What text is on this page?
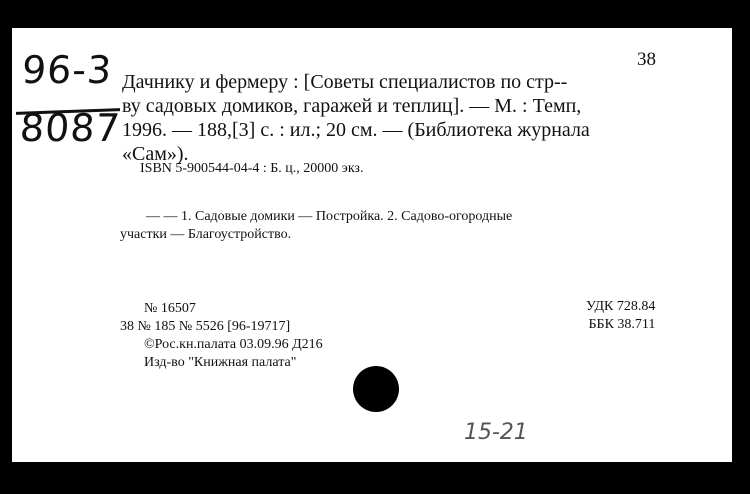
96-3
8087
38
Дачнику и фермеру : [Советы специалистов по стр--
ву садовых домиков, гаражей и теплиц]. — М. : Темп,
1996. — 188,[3] с. : ил.; 20 см. — (Библиотека журнала
«Сам»).
ISBN 5-900544-04-4 : Б. ц., 20000 экз.
— — 1. Садовые домики — Постройка. 2. Садово-огородные
участки — Благоустройство.
№ 16507
38 № 185 № 5526 [96-19717]
©Рос.кн.палата 03.09.96 Д216
Изд-во "Книжная палата"
УДК 728.84
ББК 38.711
15-21
